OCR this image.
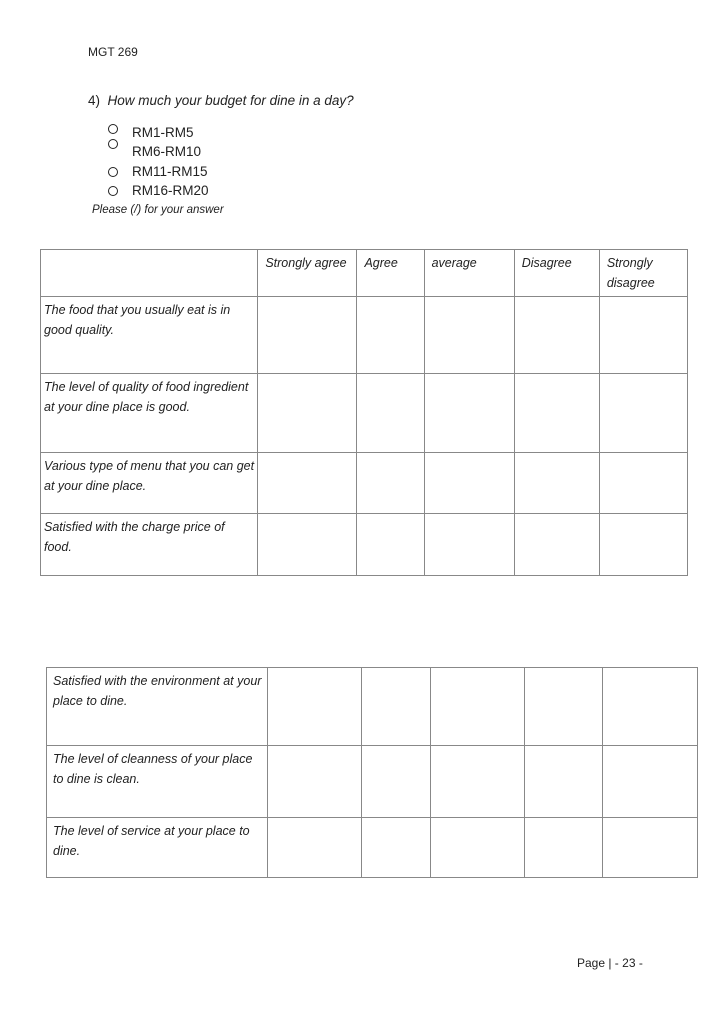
MGT 269
4) How much your budget for dine in a day?
RM1-RM5
RM6-RM10
RM11-RM15
RM16-RM20
Please (/) for your answer
	Strongly agree	Agree	average	Disagree	Strongly disagree
The food that you usually eat is in good quality.					
The level of quality of food ingredient at your dine place is good.					
Various type of menu that you can get at your dine place.					
Satisfied with the charge price of food.					
Satisfied with the environment at your place to dine.					
The level of cleanness of your place to dine is clean.					
The level of service at your place to dine.					
Page | - 23 -
